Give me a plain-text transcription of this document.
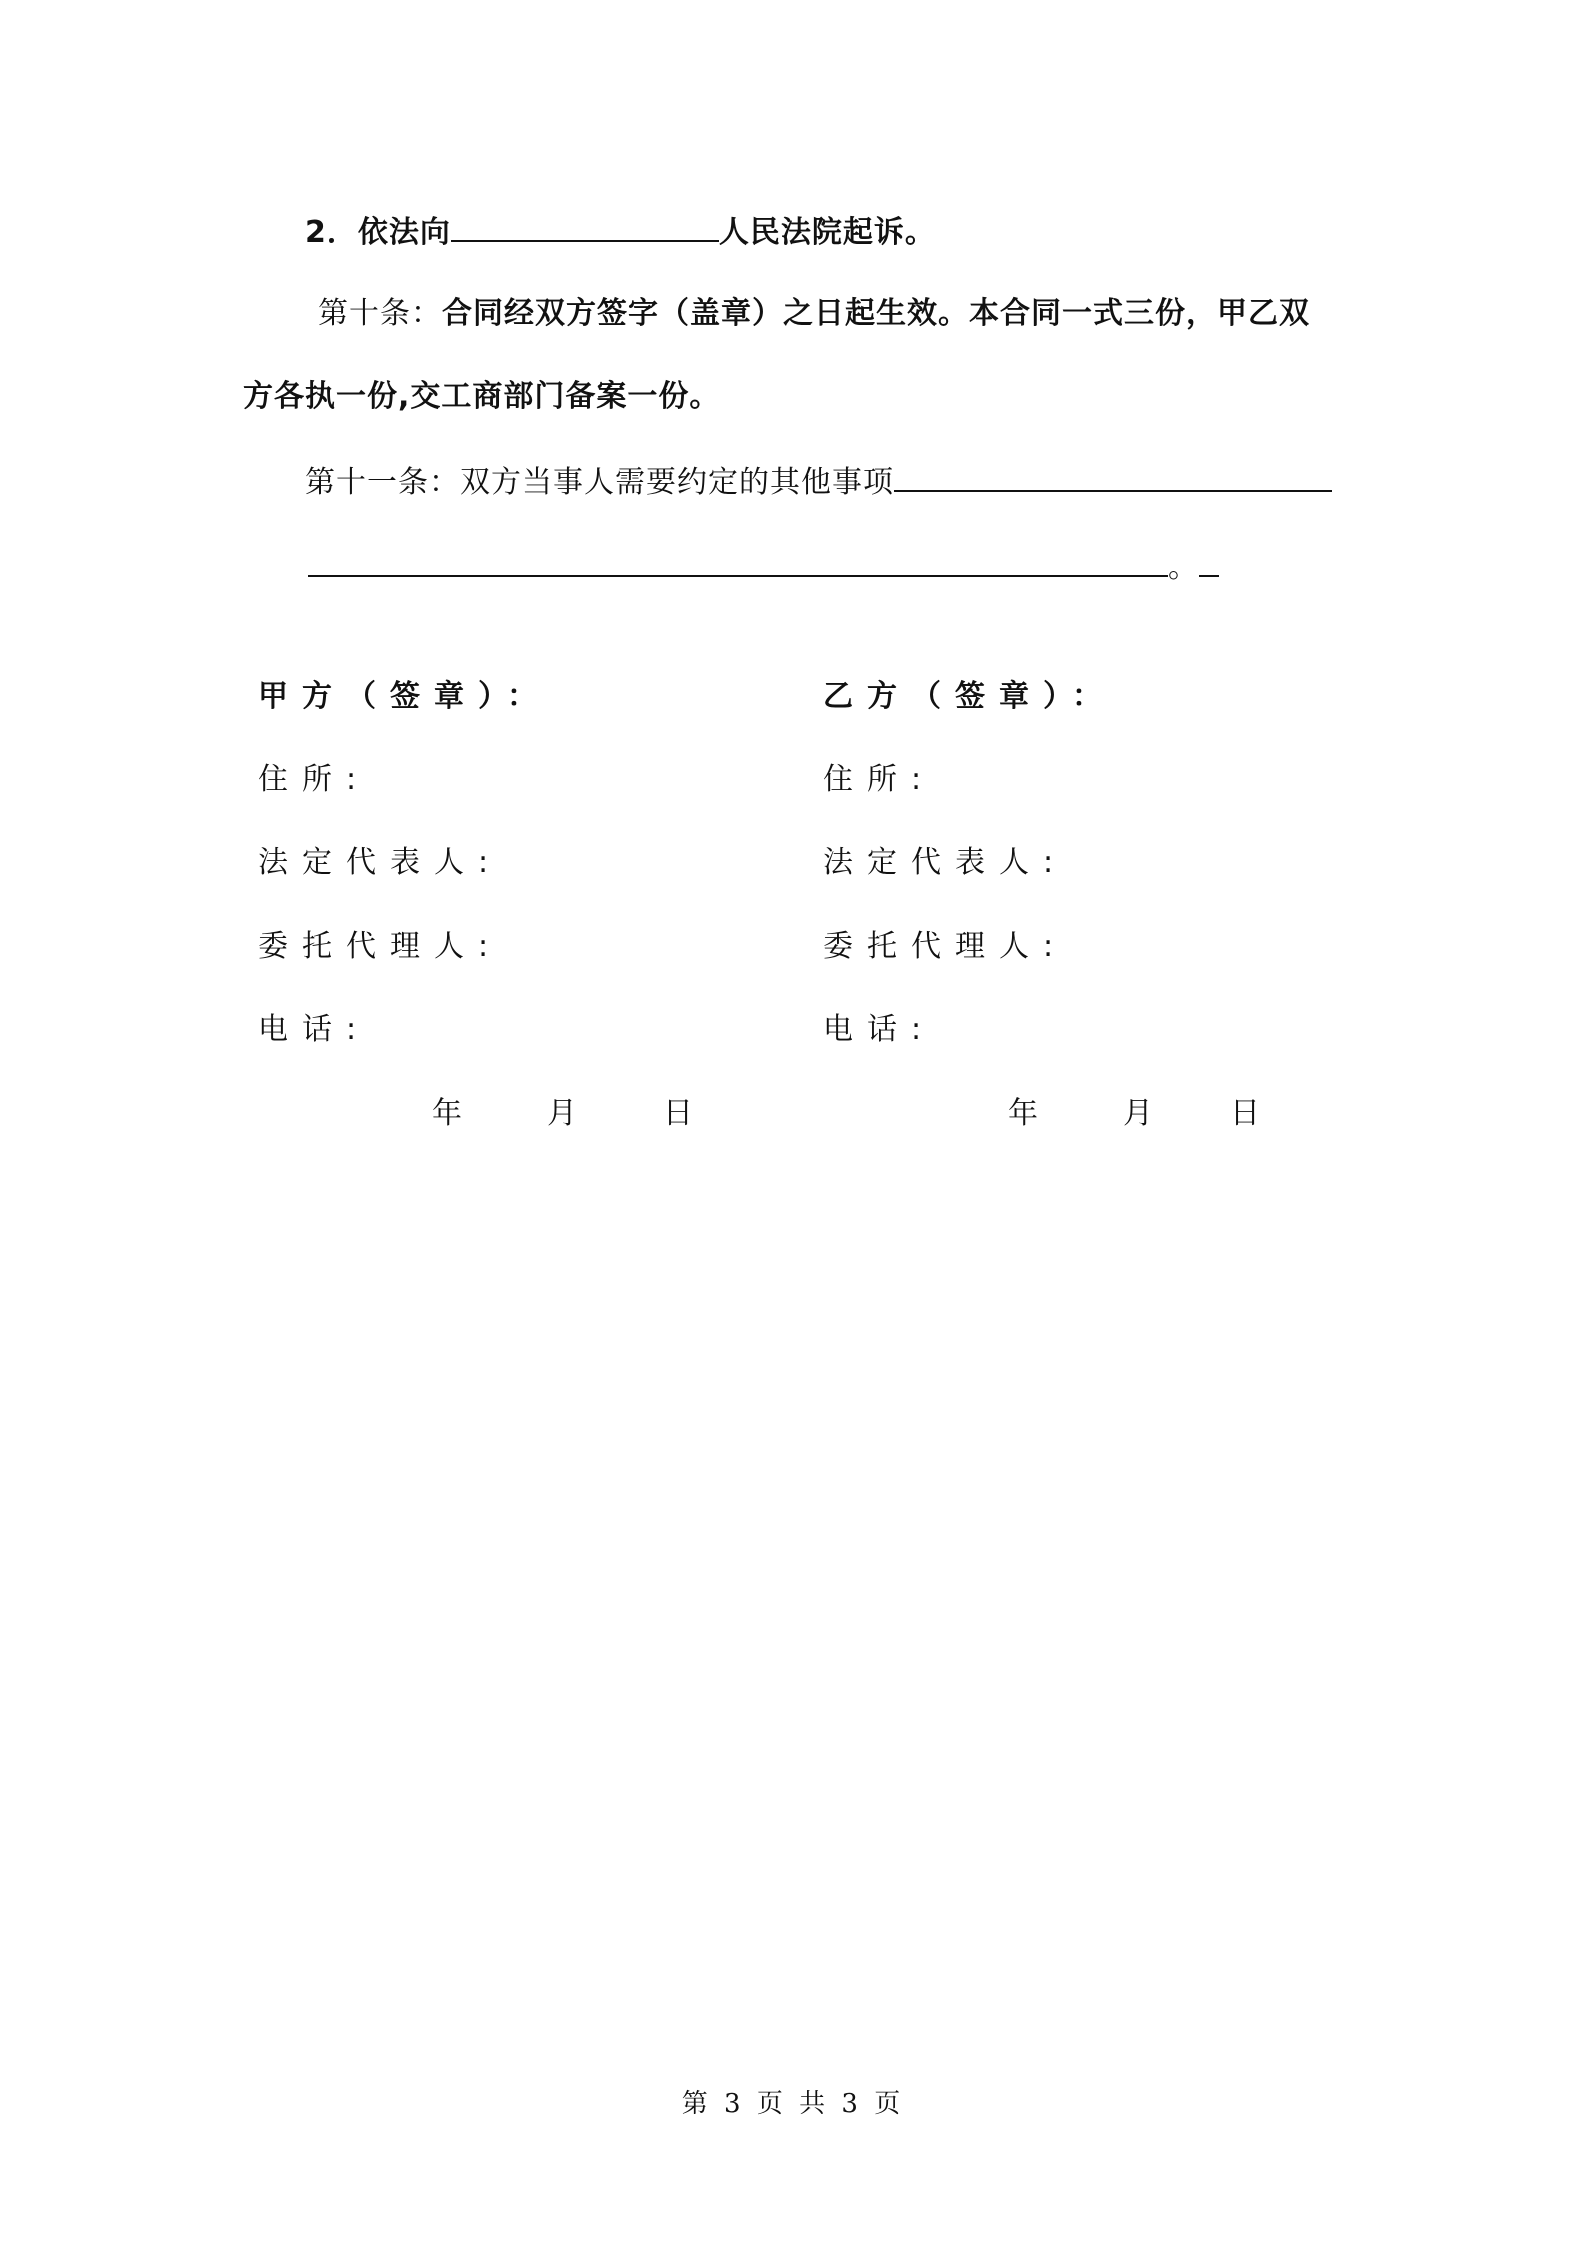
2．依法向	人民法院起诉。
第十条：合同经双方签字（盖章）之日起生效。本合同一式三份，甲乙双
方各执一份,交工商部门备案一份。
第十一条：双方当事人需要约定的其他事项
。
甲方（签章）：
住所:
法定代表人:
委托代理人:
电话:
年	月	日
乙方（签章）：
住所:
法定代表人:
委托代理人:
电话:
年	月	日
第 3 页 共 3 页
